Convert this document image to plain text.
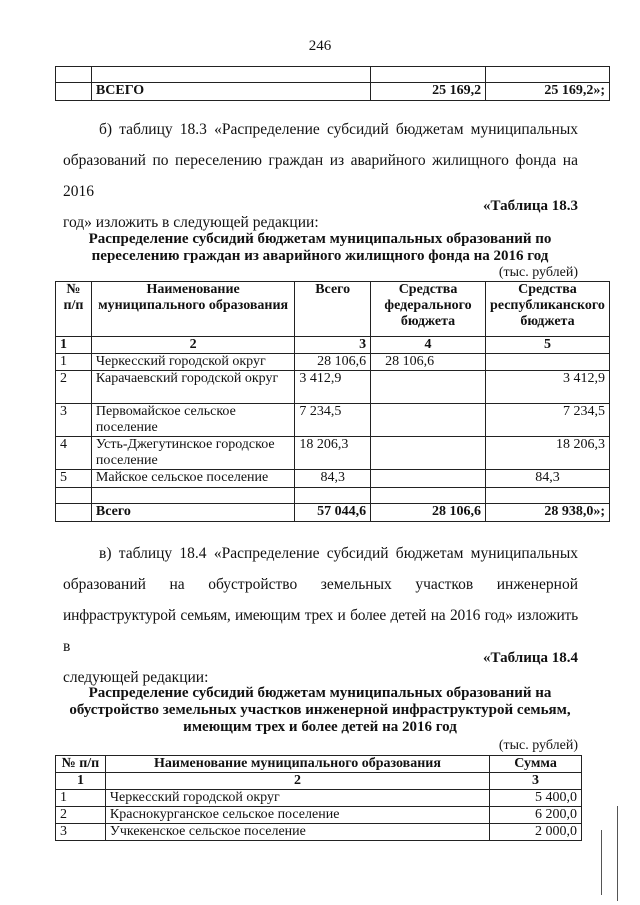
246

	ВСЕГО	25 169,2	25 169,2»;
б) таблицу 18.3 «Распределение субсидий бюджетам муниципальных
образований по переселению граждан из аварийного жилищного фонда на 2016
год» изложить в следующей редакции:
«Таблица 18.3
Распределение субсидий бюджетам муниципальных образований по
переселению граждан из аварийного жилищного фонда на 2016 год
(тыс. рублей)
№ п/п	Наименование муниципального образования	Всего	Средства федерального бюджета	Средства республиканского бюджета
1	2	3	4	5
1	Черкесский городской округ	28 106,6	28 106,6	
2	Карачаевский городской округ	3 412,9		3 412,9
3	Первомайское сельское поселение	7 234,5		7 234,5
4	Усть-Джегутинское городское поселение	18 206,3		18 206,3
5	Майское сельское поселение	84,3		84,3

	Всего	57 044,6	28 106,6	28 938,0»;
в) таблицу 18.4 «Распределение субсидий бюджетам муниципальных
образований на обустройство земельных участков инженерной
инфраструктурой семьям, имеющим трех и более детей на 2016 год» изложить в
следующей редакции:
«Таблица 18.4
Распределение субсидий бюджетам муниципальных образований на
обустройство земельных участков инженерной инфраструктурой семьям,
имеющим трех и более детей на 2016 год
(тыс. рублей)
№ п/п	Наименование муниципального образования	Сумма
1	2	3
1	Черкесский городской округ	5 400,0
2	Краснокурганское сельское поселение	6 200,0
3	Учкекенское сельское поселение	2 000,0
